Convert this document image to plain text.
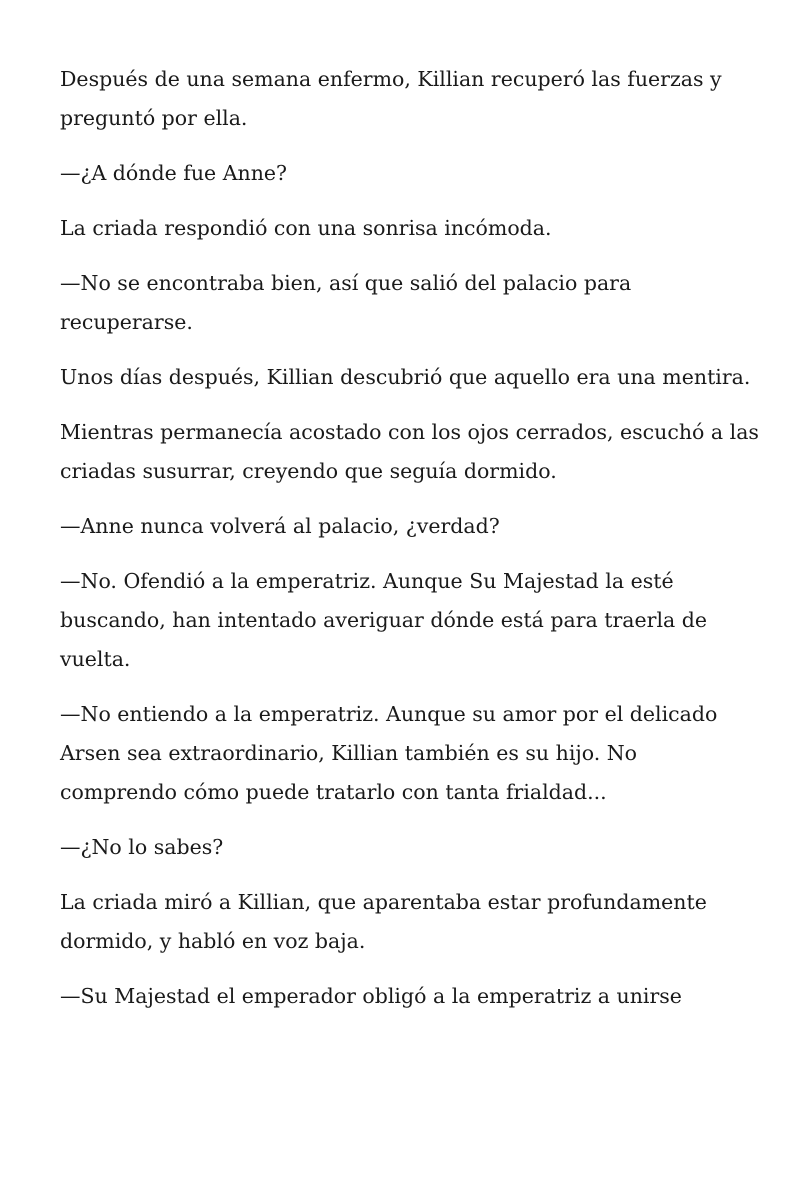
Después de una semana enfermo, Killian recuperó las fuerzas y preguntó por ella.

—¿A dónde fue Anne?

La criada respondió con una sonrisa incómoda.

—No se encontraba bien, así que salió del palacio para recuperarse.

Unos días después, Killian descubrió que aquello era una mentira.

Mientras permanecía acostado con los ojos cerrados, escuchó a las criadas susurrar, creyendo que seguía dormido.

—Anne nunca volverá al palacio, ¿verdad?

—No. Ofendió a la emperatriz. Aunque Su Majestad la esté buscando, han intentado averiguar dónde está para traerla de vuelta.

—No entiendo a la emperatriz. Aunque su amor por el delicado Arsen sea extraordinario, Killian también es su hijo. No comprendo cómo puede tratarlo con tanta frialdad...

—¿No lo sabes?

La criada miró a Killian, que aparentaba estar profundamente dormido, y habló en voz baja.

—Su Majestad el emperador obligó a la emperatriz a unirse
